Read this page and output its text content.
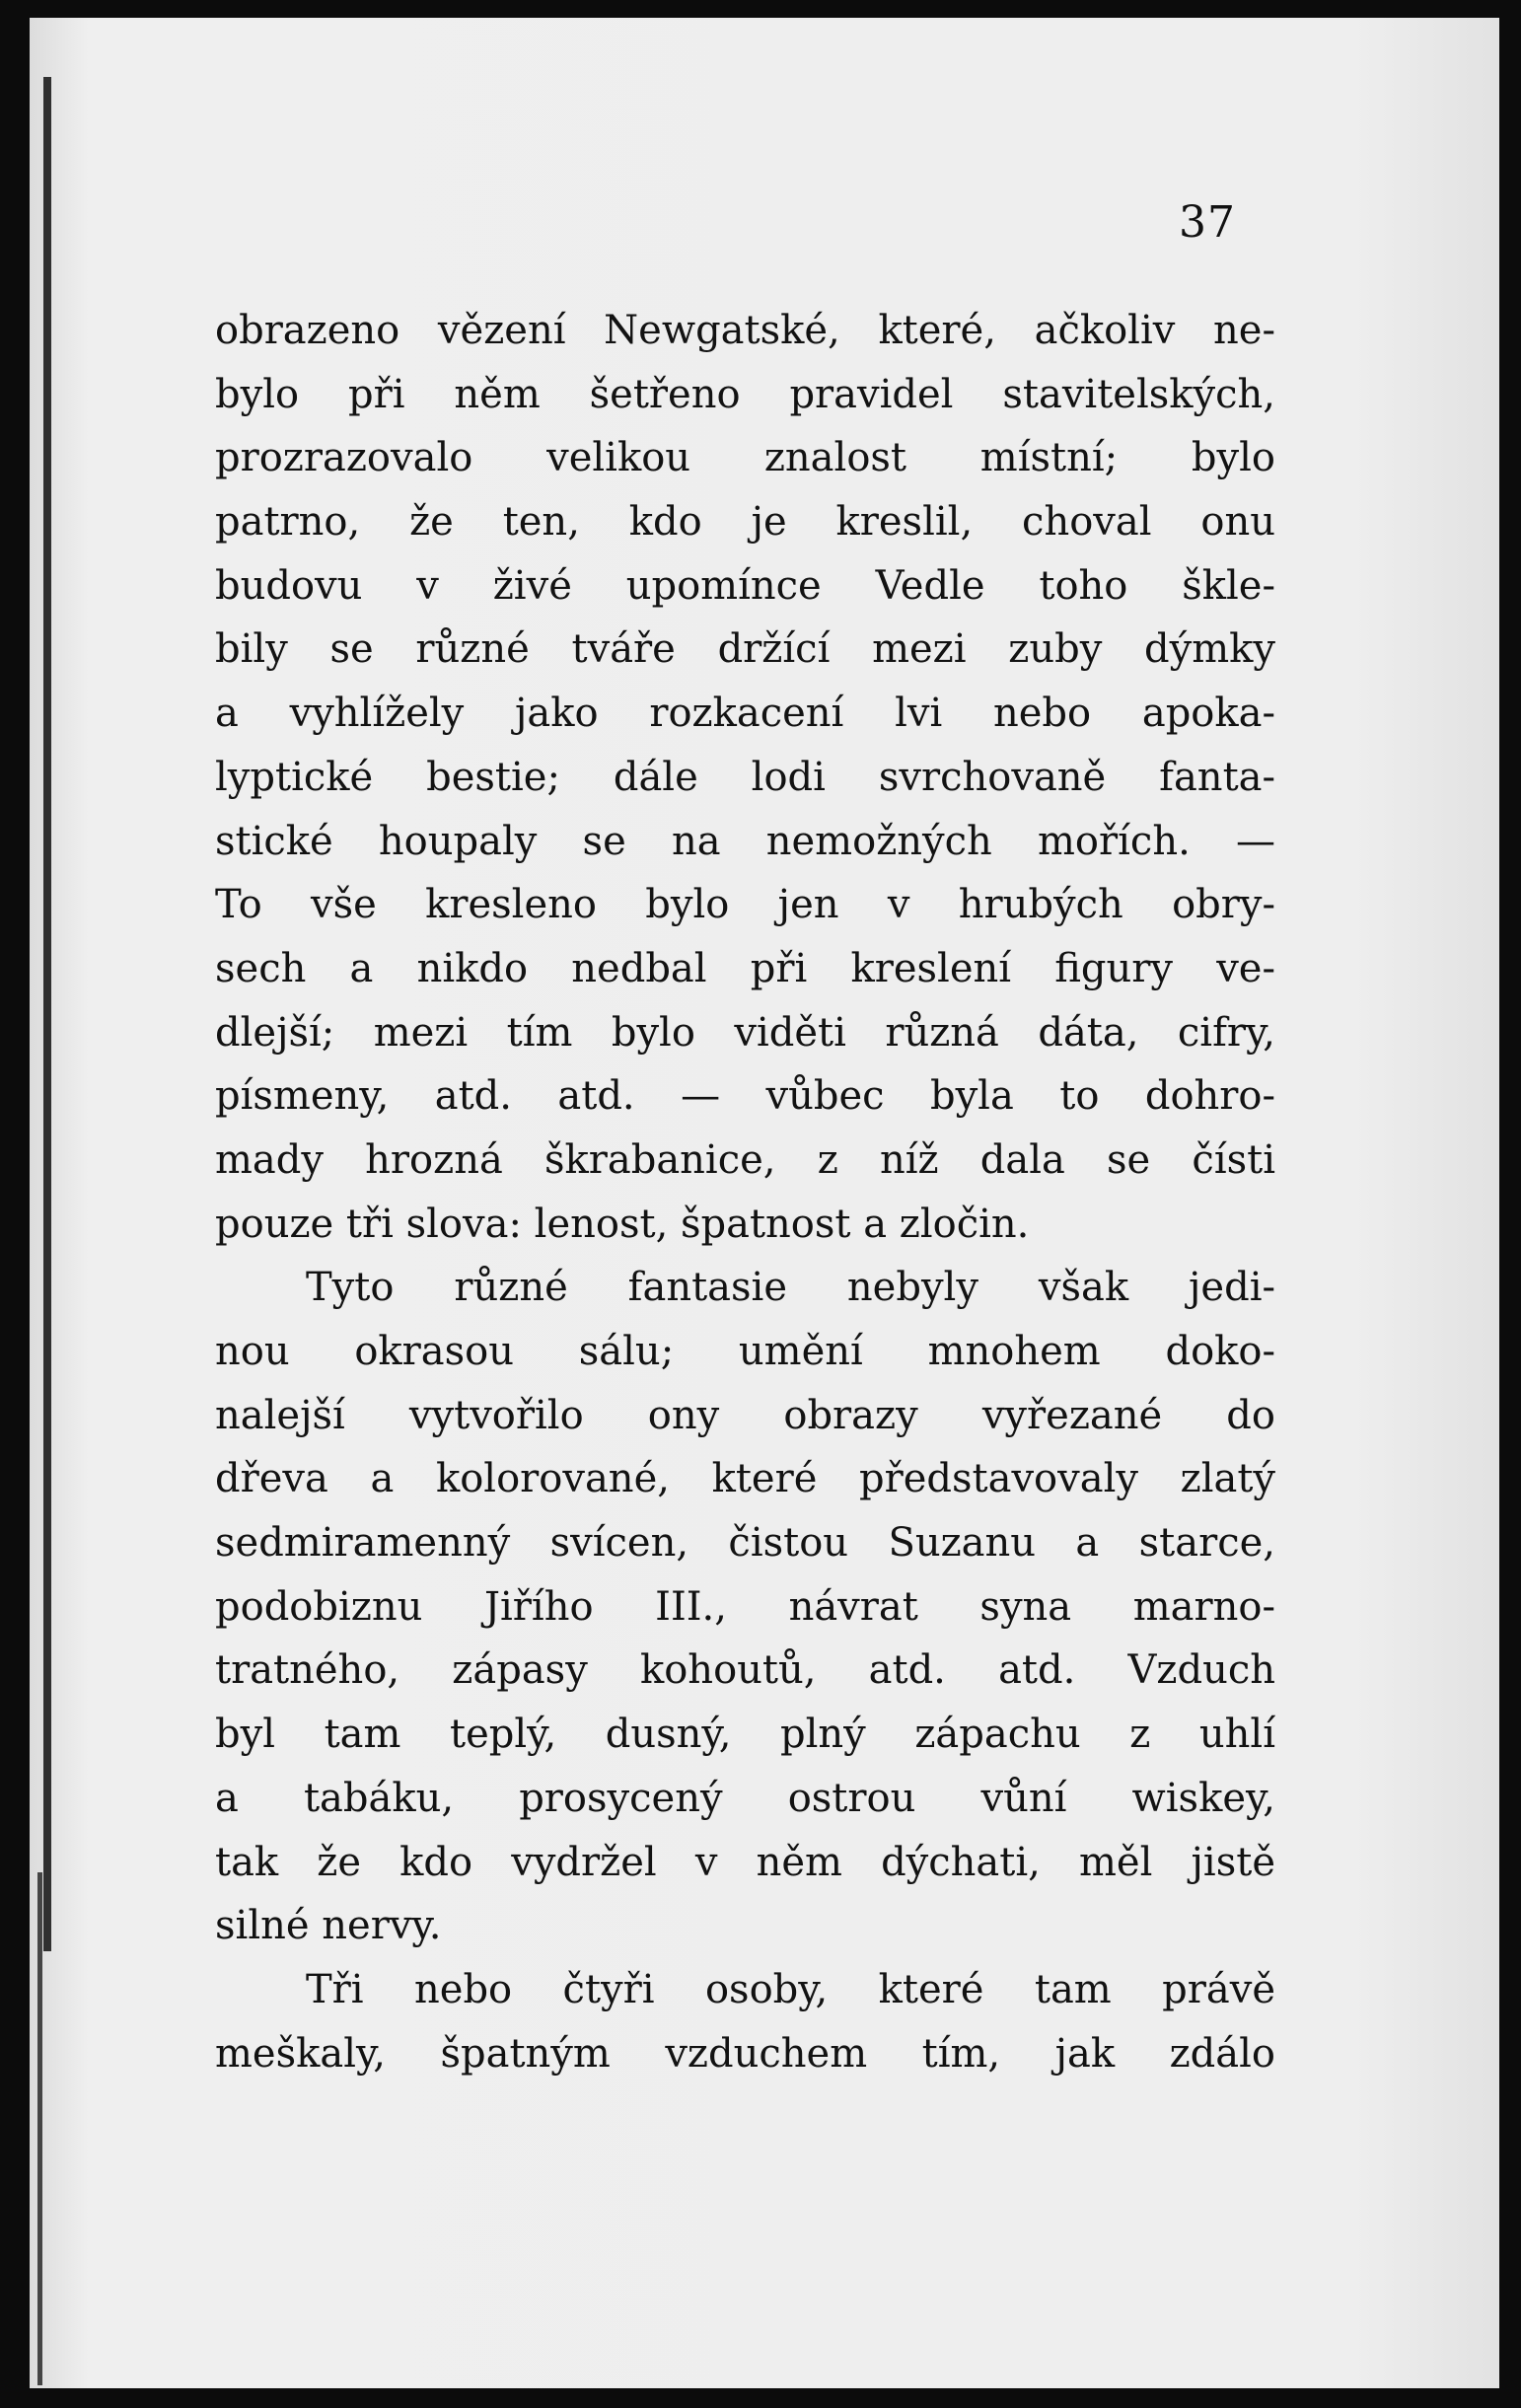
37
obrazeno vězení Newgatské, které, ačkoliv ne-
bylo při něm šetřeno pravidel stavitelských,
prozrazovalo velikou znalost místní; bylo
patrno, že ten, kdo je kreslil, choval onu
budovu v živé upomínce Vedle toho škle-
bily se různé tváře držící mezi zuby dýmky
a vyhlížely jako rozkacení lvi nebo apoka-
lyptické bestie; dále lodi svrchovaně fanta-
stické houpaly se na nemožných mořích. —
To vše kresleno bylo jen v hrubých obry-
sech a nikdo nedbal při kreslení figury ve-
dlejší; mezi tím bylo viděti různá dáta, cifry,
písmeny, atd. atd. — vůbec byla to dohro-
mady hrozná škrabanice, z níž dala se čísti
pouze tři slova: lenost, špatnost a zločin.
Tyto různé fantasie nebyly však jedi-
nou okrasou sálu; umění mnohem doko-
nalejší vytvořilo ony obrazy vyřezané do
dřeva a kolorované, které představovaly zlatý
sedmiramenný svícen, čistou Suzanu a starce,
podobiznu Jiřího III., návrat syna marno-
tratného, zápasy kohoutů, atd. atd. Vzduch
byl tam teplý, dusný, plný zápachu z uhlí
a tabáku, prosycený ostrou vůní wiskey,
tak že kdo vydržel v něm dýchati, měl jistě
silné nervy.
Tři nebo čtyři osoby, které tam právě
meškaly, špatným vzduchem tím, jak zdálo
